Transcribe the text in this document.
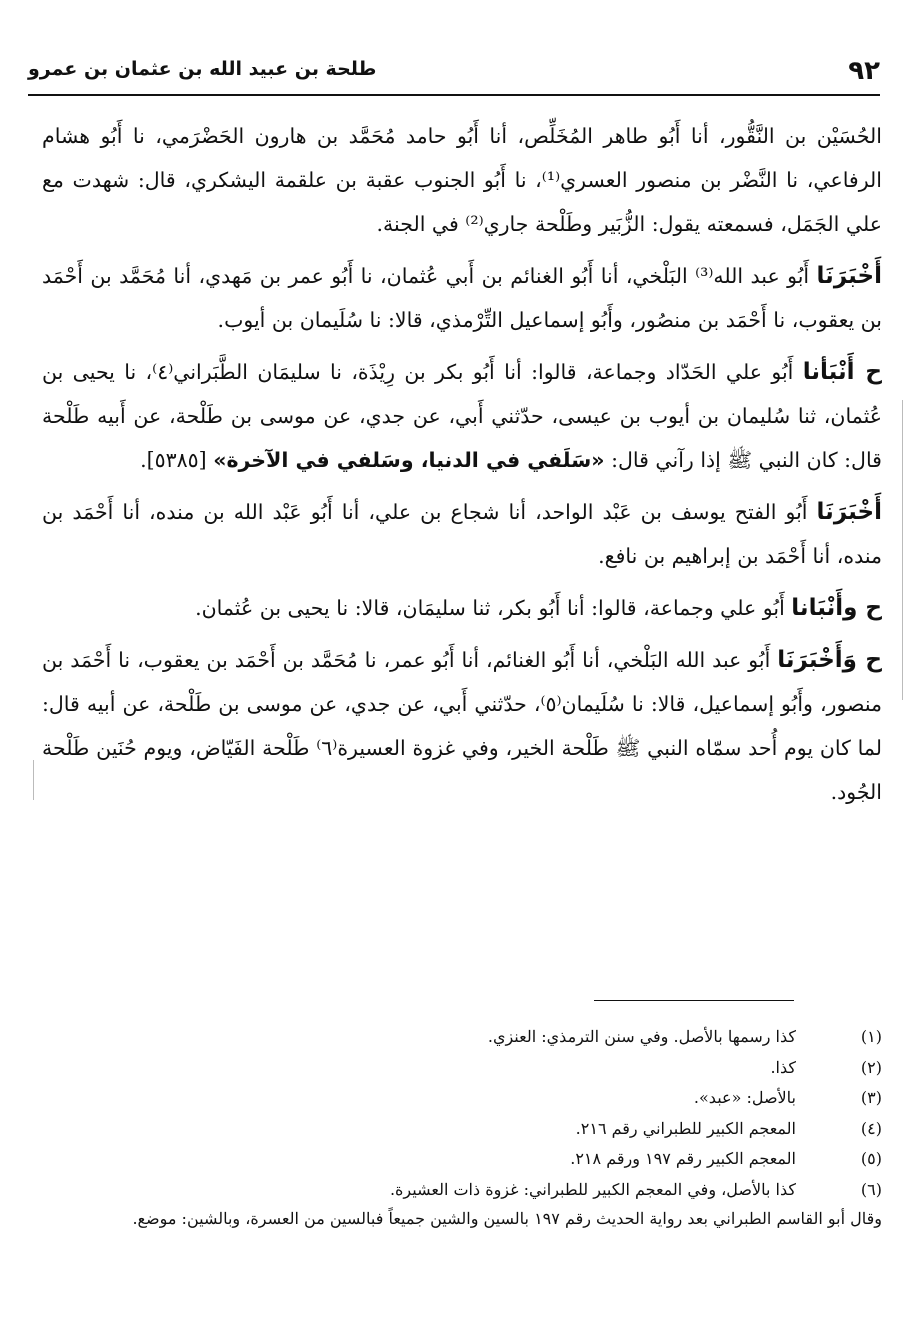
٩٢
طلحة بن عبيد الله بن عثمان بن عمرو

الحُسَيْن بن النَّقُّور، أنا أَبُو طاهر المُخَلِّص، أنا أَبُو حامد مُحَمَّد بن هارون الحَضْرَمي، نا أَبُو هشام الرفاعي، نا النَّضْر بن منصور العسري⁽¹⁾، نا أَبُو الجنوب عقبة بن علقمة اليشكري، قال: شهدت مع علي الجَمَل، فسمعته يقول: الزُّبَير وطَلْحة جاري⁽²⁾ في الجنة.

أَخْبَرَنَا أَبُو عبد الله⁽³⁾ البَلْخي، أنا أَبُو الغنائم بن أَبي عُثمان، نا أَبُو عمر بن مَهدي، أنا مُحَمَّد بن أَحْمَد بن يعقوب، نا أَحْمَد بن منصُور، وأَبُو إسماعيل التِّرْمذي، قالا: نا سُلَيمان بن أيوب.

ح أَنْبَأنا أَبُو علي الحَدّاد وجماعة، قالوا: أنا أَبُو بكر بن رِيْذَة، نا سليمَان الطَّبَراني⁽٤⁾، نا يحيى بن عُثمان، ثنا سُليمان بن أيوب بن عيسى، حدّثني أَبي، عن جدي، عن موسى بن طَلْحة، عن أَبيه طَلْحة قال: كان النبي ﷺ إذا رآني قال: «سَلَفي في الدنيا، وسَلفي في الآخرة» [٥٣٨٥].

أَخْبَرَنَا أَبُو الفتح يوسف بن عَبْد الواحد، أنا شجاع بن علي، أنا أَبُو عَبْد الله بن منده، أنا أَحْمَد بن منده، أنا أَحْمَد بن إبراهيم بن نافع.

ح وأَنْبَانا أَبُو علي وجماعة، قالوا: أنا أَبُو بكر، ثنا سليمَان، قالا: نا يحيى بن عُثمان.

ح وَأَخْبَرَنَا أَبُو عبد الله البَلْخي، أنا أَبُو الغنائم، أنا أَبُو عمر، نا مُحَمَّد بن أَحْمَد بن يعقوب، نا أَحْمَد بن منصور، وأَبُو إسماعيل، قالا: نا سُلَيمان⁽٥⁾، حدّثني أَبي، عن جدي، عن موسى بن طَلْحة، عن أبيه قال: لما كان يوم أُحد سمّاه النبي ﷺ طَلْحة الخير، وفي غزوة العسيرة⁽٦⁾ طَلْحة الفَيّاض، ويوم حُنَين طَلْحة الجُود.

(١)
كذا رسمها بالأصل. وفي سنن الترمذي: العنزي.
(٢)
كذا.
(٣)
بالأصل: «عبد».
(٤)
المعجم الكبير للطبراني رقم ٢١٦.
(٥)
المعجم الكبير رقم ١٩٧ ورقم ٢١٨.
(٦)
كذا بالأصل، وفي المعجم الكبير للطبراني: غزوة ذات العشيرة.
وقال أبو القاسم الطبراني بعد رواية الحديث رقم ١٩٧ بالسين والشين جميعاً فبالسين من العسرة، وبالشين: موضع.
